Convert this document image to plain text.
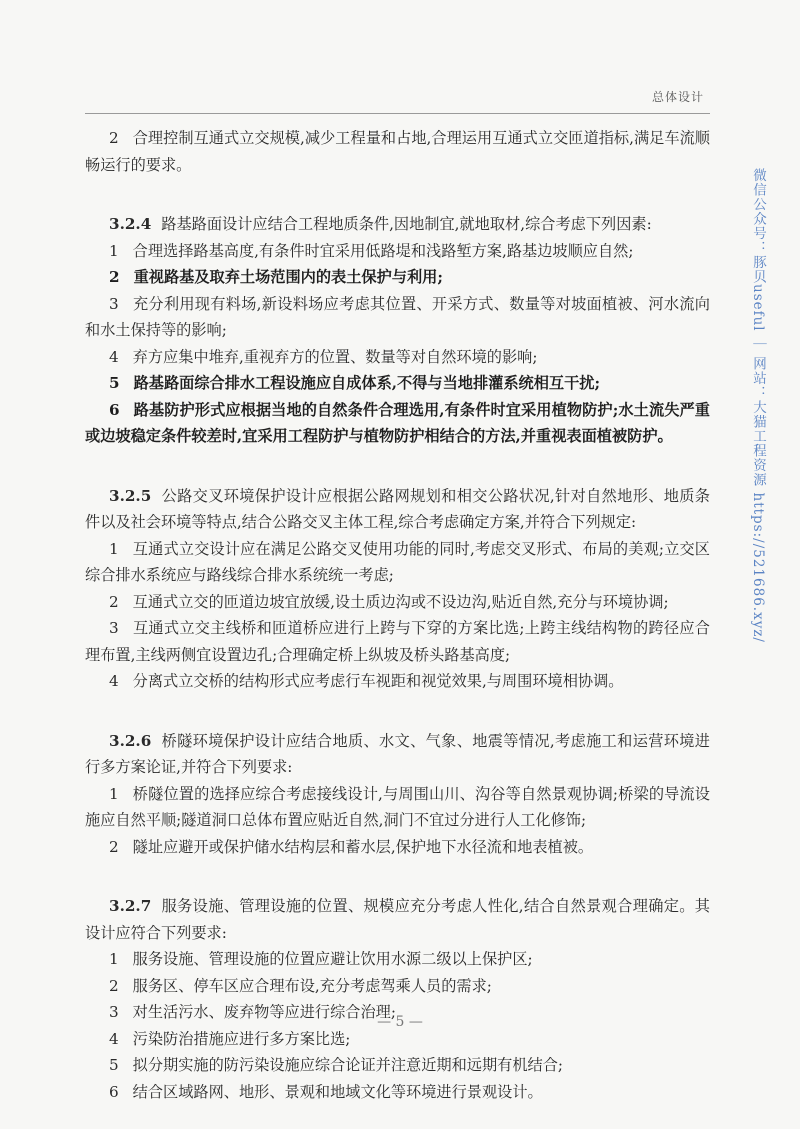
总体设计

2 合理控制互通式立交规模,减少工程量和占地,合理运用互通式立交匝道指标,满足车流顺畅运行的要求。

3.2.4 路基路面设计应结合工程地质条件,因地制宜,就地取材,综合考虑下列因素:

1 合理选择路基高度,有条件时宜采用低路堤和浅路堑方案,路基边坡顺应自然;

2 重视路基及取弃土场范围内的表土保护与利用;

3 充分利用现有料场,新设料场应考虑其位置、开采方式、数量等对坡面植被、河水流向和水土保持等的影响;

4 弃方应集中堆弃,重视弃方的位置、数量等对自然环境的影响;

5 路基路面综合排水工程设施应自成体系,不得与当地排灌系统相互干扰;

6 路基防护形式应根据当地的自然条件合理选用,有条件时宜采用植物防护;水土流失严重或边坡稳定条件较差时,宜采用工程防护与植物防护相结合的方法,并重视表面植被防护。

3.2.5 公路交叉环境保护设计应根据公路网规划和相交公路状况,针对自然地形、地质条件以及社会环境等特点,结合公路交叉主体工程,综合考虑确定方案,并符合下列规定:

1 互通式立交设计应在满足公路交叉使用功能的同时,考虑交叉形式、布局的美观;立交区综合排水系统应与路线综合排水系统统一考虑;

2 互通式立交的匝道边坡宜放缓,设土质边沟或不设边沟,贴近自然,充分与环境协调;

3 互通式立交主线桥和匝道桥应进行上跨与下穿的方案比选;上跨主线结构物的跨径应合理布置,主线两侧宜设置边孔;合理确定桥上纵坡及桥头路基高度;

4 分离式立交桥的结构形式应考虑行车视距和视觉效果,与周围环境相协调。

3.2.6 桥隧环境保护设计应结合地质、水文、气象、地震等情况,考虑施工和运营环境进行多方案论证,并符合下列要求:

1 桥隧位置的选择应综合考虑接线设计,与周围山川、沟谷等自然景观协调;桥梁的导流设施应自然平顺;隧道洞口总体布置应贴近自然,洞门不宜过分进行人工化修饰;

2 隧址应避开或保护储水结构层和蓄水层,保护地下水径流和地表植被。

3.2.7 服务设施、管理设施的位置、规模应充分考虑人性化,结合自然景观合理确定。其设计应符合下列要求:

1 服务设施、管理设施的位置应避让饮用水源二级以上保护区;

2 服务区、停车区应合理布设,充分考虑驾乘人员的需求;

3 对生活污水、废弃物等应进行综合治理;

4 污染防治措施应进行多方案比选;

5 拟分期实施的防污染设施应综合论证并注意近期和远期有机结合;

6 结合区域路网、地形、景观和地域文化等环境进行景观设计。

— 5 —
微信公众号：豚贝useful ｜ 网站：大猫工程资源 https://521686.xyz/
